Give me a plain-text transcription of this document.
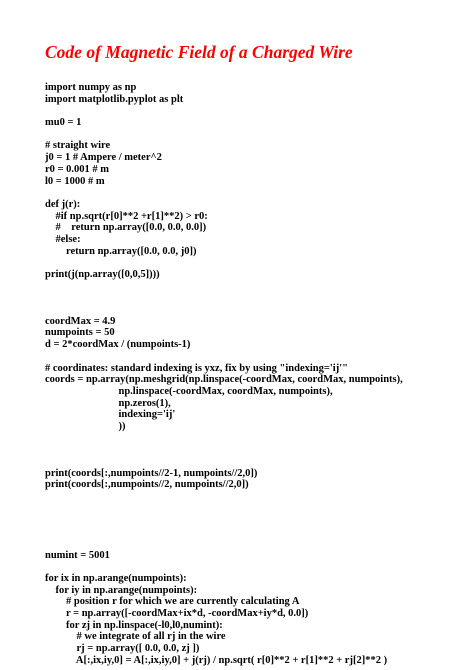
Code of Magnetic Field of a Charged Wire
import numpy as np
import matplotlib.pyplot as plt
mu0 = 1
# straight wire
j0 = 1 # Ampere / meter^2
r0 = 0.001 # m
l0 = 1000 # m
def j(r):
#if np.sqrt(r[0]**2 +r[1]**2) > r0:
#    return np.array([0.0, 0.0, 0.0])
#else:
return np.array([0.0, 0.0, j0])
print(j(np.array([0,0,5])))
coordMax = 4.9
numpoints = 50
d = 2*coordMax / (numpoints-1)
# coordinates: standard indexing is yxz, fix by using "indexing='ij'"
coords = np.array(np.meshgrid(np.linspace(-coordMax, coordMax, numpoints),
np.linspace(-coordMax, coordMax, numpoints),
np.zeros(1),
indexing='ij'
))
print(coords[:,numpoints//2-1, numpoints//2,0])
print(coords[:,numpoints//2, numpoints//2,0])
numint = 5001
for ix in np.arange(numpoints):
for iy in np.arange(numpoints):
# position r for which we are currently calculating A
r = np.array([-coordMax+ix*d, -coordMax+iy*d, 0.0])
for zj in np.linspace(-l0,l0,numint):
# we integrate of all rj in the wire
rj = np.array([ 0.0, 0.0, zj ])
A[:,ix,iy,0] = A[:,ix,iy,0] + j(rj) / np.sqrt( r[0]**2 + r[1]**2 + rj[2]**2 )
